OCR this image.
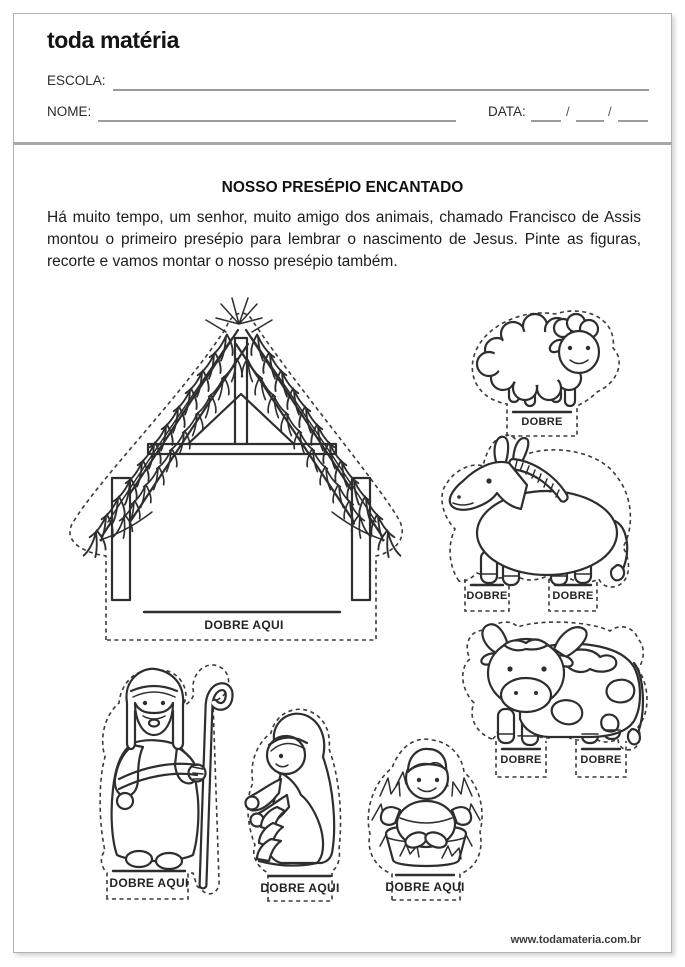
toda matéria
ESCOLA:
NOME:	DATA:	/	/
NOSSO PRESÉPIO ENCANTADO
Há muito tempo, um senhor, muito amigo dos animais, chamado Francisco de Assis montou o primeiro presépio para lembrar o nascimento de Jesus. Pinte as figuras, recorte e vamos montar o nosso presépio também.
DOBRE AQUI
DOBRE
DOBRE	DOBRE
DOBRE	DOBRE
DOBRE AQUI	DOBRE AQUI	DOBRE AQUI
www.todamateria.com.br
